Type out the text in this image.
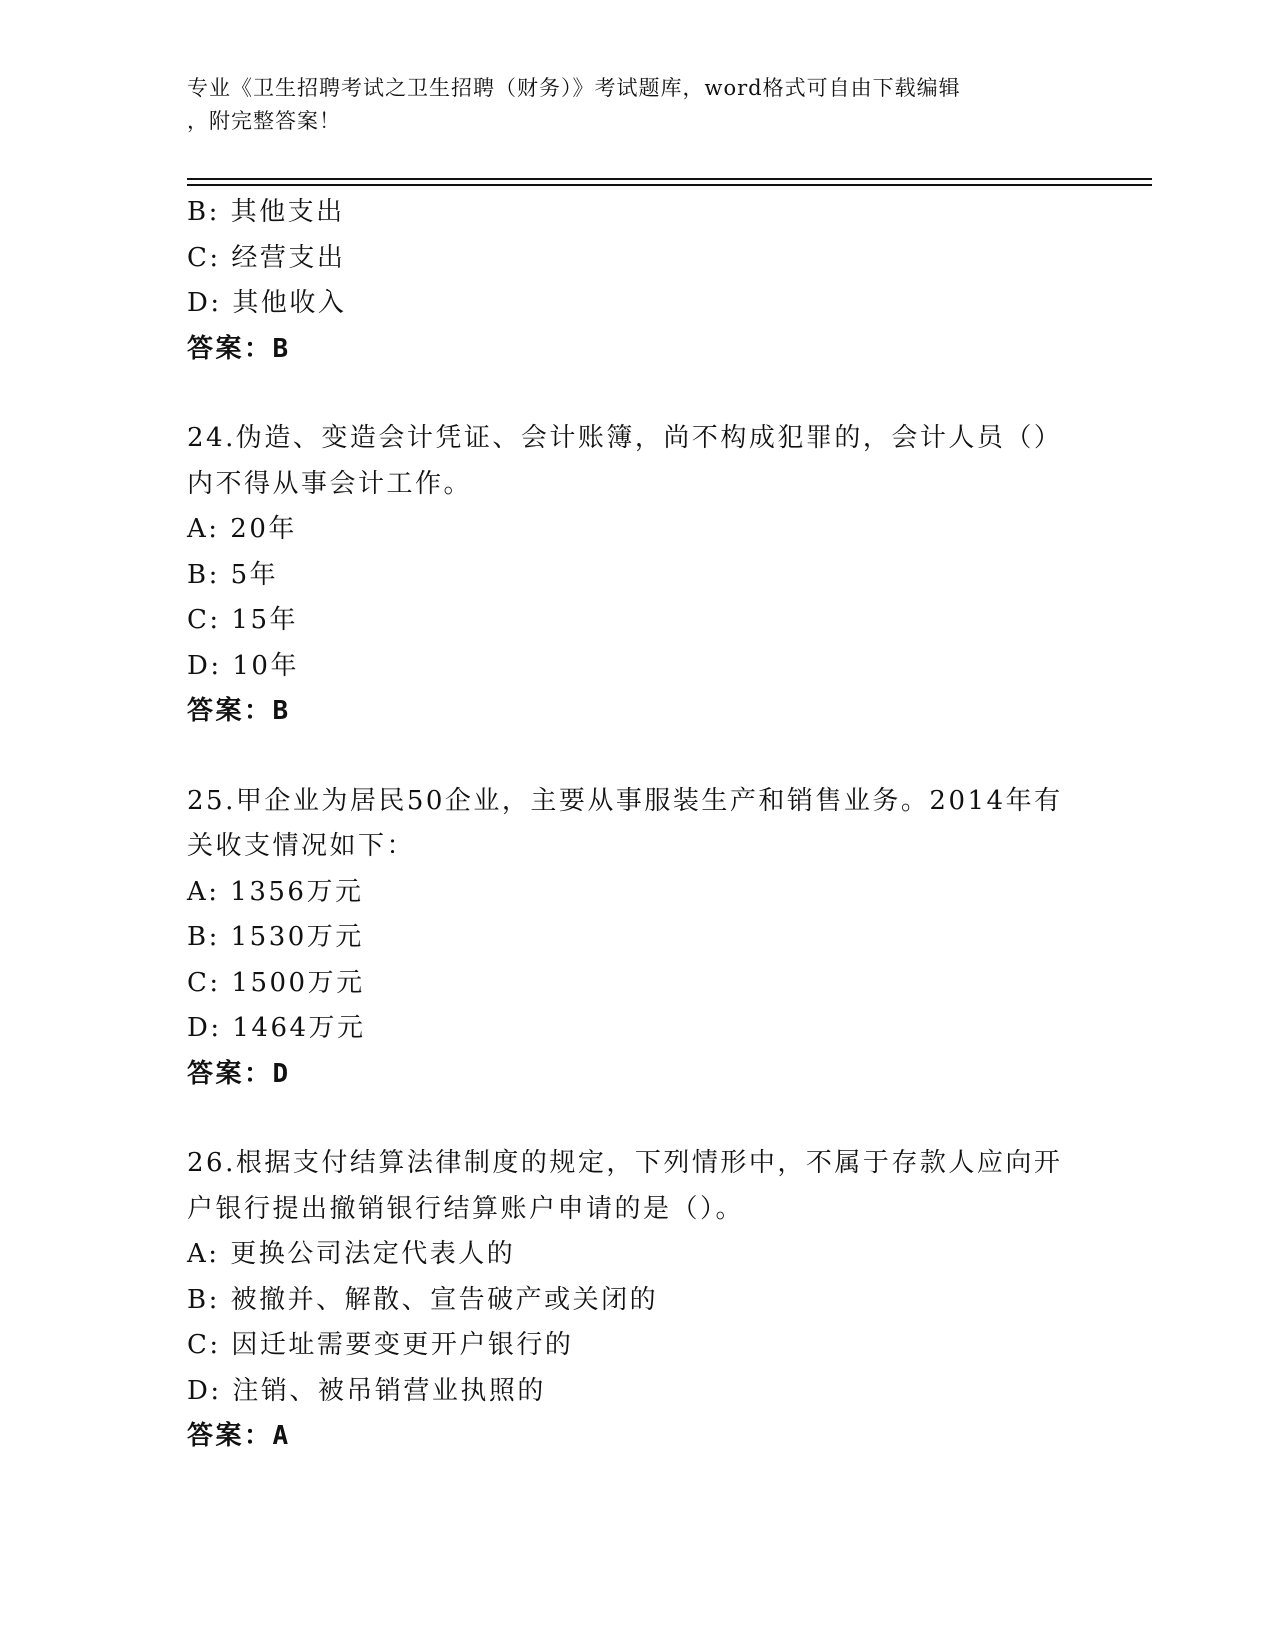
专业《卫生招聘考试之卫生招聘（财务）》考试题库，word格式可自由下载编辑
，附完整答案！
B: 其他支出
C: 经营支出
D: 其他收入
答案：B
24.伪造、变造会计凭证、会计账簿，尚不构成犯罪的，会计人员（）
内不得从事会计工作。
A: 20年
B: 5年
C: 15年
D: 10年
答案：B
25.甲企业为居民50企业，主要从事服装生产和销售业务。2014年有
关收支情况如下：
A: 1356万元
B: 1530万元
C: 1500万元
D: 1464万元
答案：D
26.根据支付结算法律制度的规定，下列情形中，不属于存款人应向开
户银行提出撤销银行结算账户申请的是（）。
A: 更换公司法定代表人的
B: 被撤并、解散、宣告破产或关闭的
C: 因迁址需要变更开户银行的
D: 注销、被吊销营业执照的
答案：A
